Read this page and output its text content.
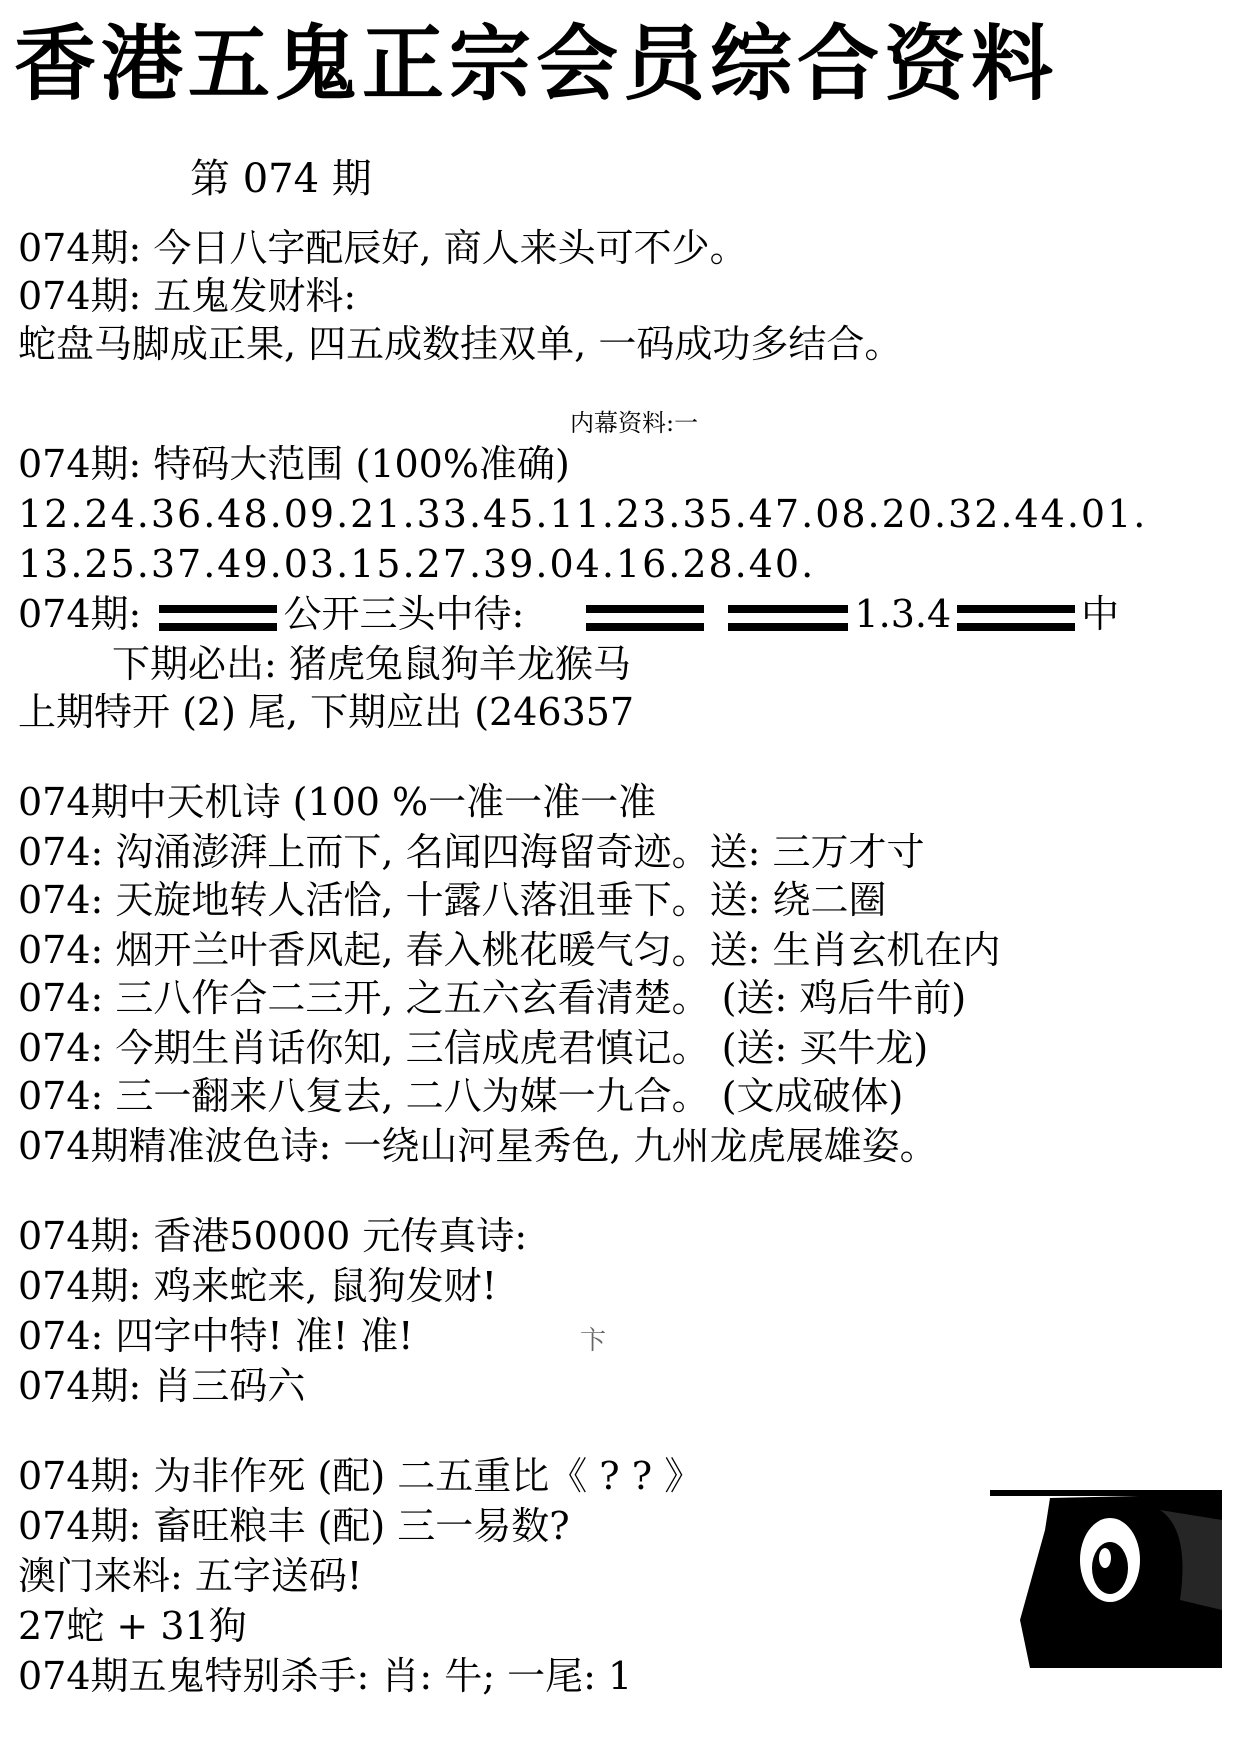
香港五鬼正宗会员综合资料
第 074 期
074期: 今日八字配辰好, 商人来头可不少。
074期: 五鬼发财料:
蛇盘马脚成正果, 四五成数挂双单, 一码成功多结合。
内幕资料:一
074期: 特码大范围 (100%准确)
12.24.36.48.09.21.33.45.11.23.35.47.08.20.32.44.01.
13.25.37.49.03.15.27.39.04.16.28.40.
074期:	公开三头中待:	1.3.4	中
下期必出: 猪虎兔鼠狗羊龙猴马
上期特开 (2) 尾, 下期应出 (246357
074期中天机诗 (100 %一准一准一准
074: 沟涌澎湃上而下, 名闻四海留奇迹。送: 三万才寸
074: 天旋地转人活恰, 十露八落沮垂下。送: 绕二圈
074: 烟开兰叶香风起, 春入桃花暖气匀。送: 生肖玄机在内
074: 三八作合二三开, 之五六玄看清楚。 (送: 鸡后牛前)
074: 今期生肖话你知, 三信成虎君慎记。 (送: 买牛龙)
074: 三一翻来八复去, 二八为媒一九合。 (文成破体)
074期精准波色诗: 一绕山河星秀色, 九州龙虎展雄姿。
074期: 香港50000 元传真诗:
074期: 鸡来蛇来, 鼠狗发财!
074: 四字中特! 准! 准!	卞
074期: 肖三码六
074期: 为非作死 (配) 二五重比《 ? ? 》
074期: 畜旺粮丰 (配) 三一易数?
澳门来料: 五字送码!
27蛇 + 31狗
074期五鬼特别杀手: 肖: 牛; 一尾: 1
